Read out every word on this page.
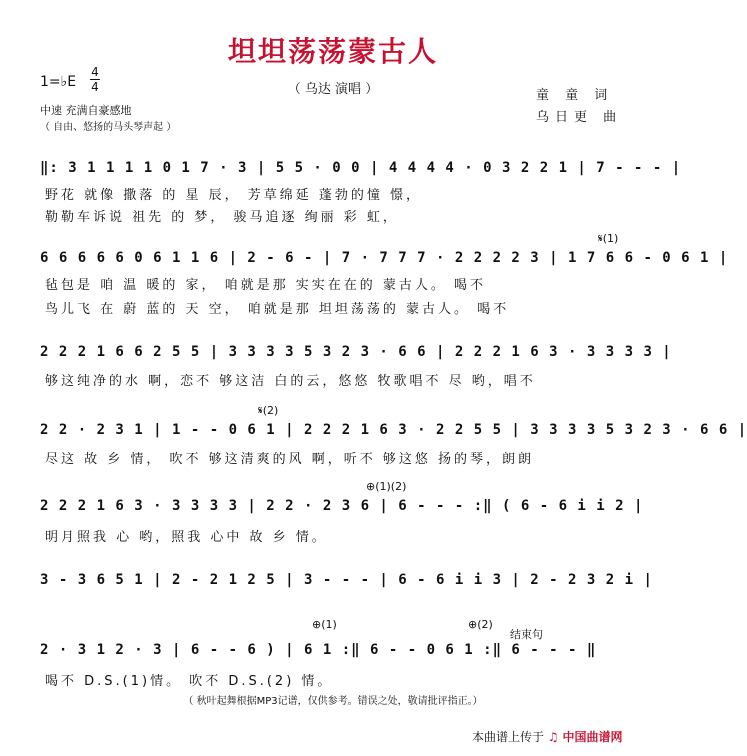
坦坦荡荡蒙古人
（ 乌达 演唱 ）	童 童 词
乌日更 曲
1=♭E
4
4
中速 充满自豪感地
（ 自由、悠扬的马头琴声起 ）
‖: 3 1 1 1 1 0 1 7 · 3 | 5 5 · 0 0 | 4 4 4 4 · 0 3 2 2 1 | 7 - - - |
野花 就像 撒落 的 星 辰， 芳草绵延 蓬勃的憧 憬，
勒勒车诉说 祖先 的 梦， 骏马追逐 绚丽 彩 虹，
𝄋(1)
6 6 6 6 6 0 6 1 1 6 | 2 - 6 - | 7 · 7 7 7 · 2 2 2 2 3 | 1 7 6 6 - 0 6 1 |
毡包是 咱 温 暖的 家， 咱就是那 实实在在的 蒙古人。 喝不
鸟儿飞 在 蔚 蓝的 天 空， 咱就是那 坦坦荡荡的 蒙古人。 喝不
2 2 2 1 6 6 2 5 5 | 3 3 3 3 5 3 2 3 · 6 6 | 2 2 2 1 6 3 · 3 3 3 3 |
够这纯净的水 啊，恋不 够这洁 白的云，悠悠 牧歌唱不 尽 哟，唱不
𝄋(2)
2 2 · 2 3 1 | 1 - - 0 6 1 | 2 2 2 1 6 3 · 2 2 5 5 | 3 3 3 3 5 3 2 3 · 6 6 |
尽这 故 乡 情， 吹不 够这清爽的风 啊，听不 够这悠 扬的琴，朗朗
⊕(1)(2)
2 2 2 1 6 3 · 3 3 3 3 | 2 2 · 2 3 6 | 6 - - - :‖ ( 6 - 6 i i 2 |
明月照我 心 哟，照我 心中 故 乡 情。
3 - 3 6 5 1 | 2 - 2 1 2 5 | 3 - - - | 6 - 6 i i 3 | 2 - 2 3 2 i |
⊕(1)	⊕(2)
结束句
2 · 3 1 2 · 3 | 6 - - 6 ) | 6 1 :‖ 6 - - 0 6 1 :‖ 6 - - - ‖
喝不 D.S.(1)情。 吹不 D.S.(2) 情。
（ 秋叶起舞根据MP3记谱，仅供参考。错误之处，敬请批评指正。）
本曲谱上传于 ♫ 中国曲谱网
